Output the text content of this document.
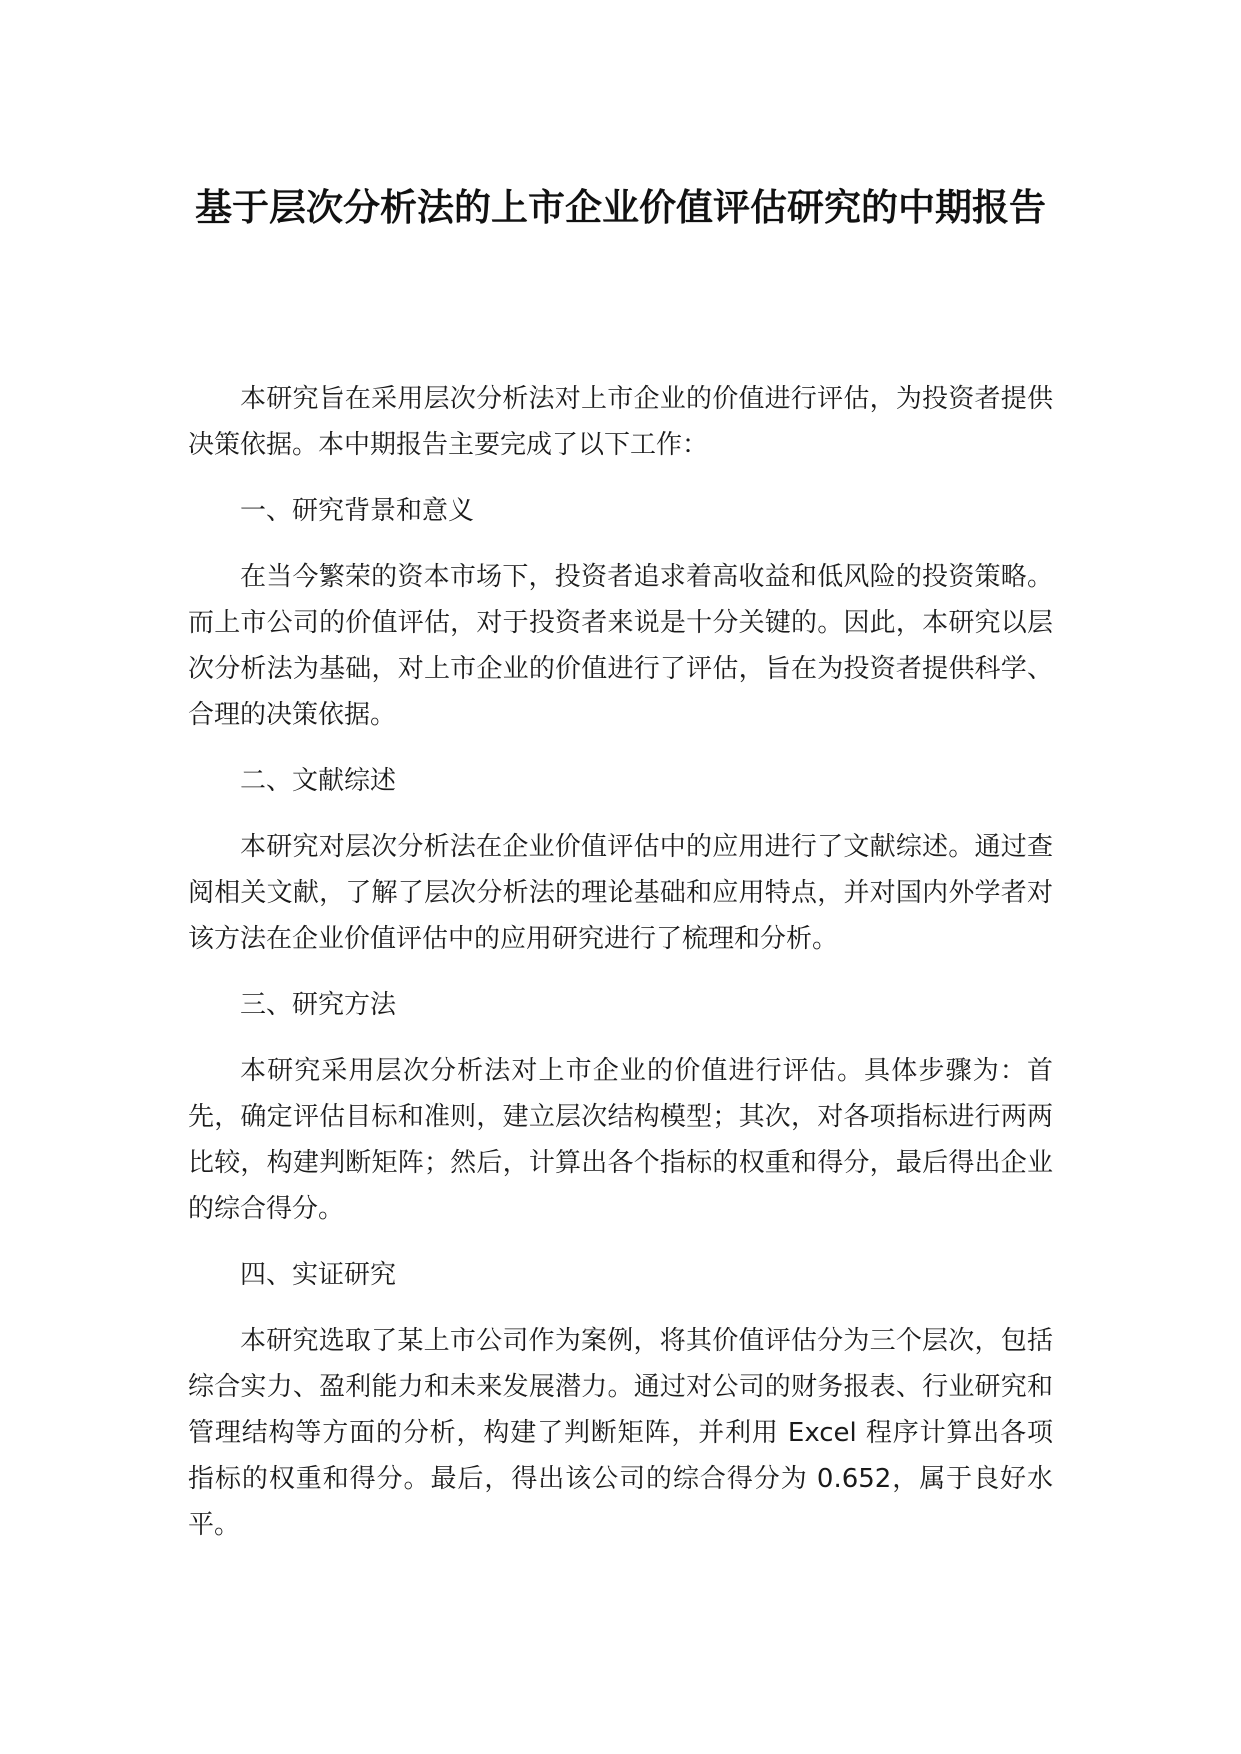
基于层次分析法的上市企业价值评估研究的中期报告

本研究旨在采用层次分析法对上市企业的价值进行评估，为投资者提供决策依据。本中期报告主要完成了以下工作：

一、研究背景和意义

在当今繁荣的资本市场下，投资者追求着高收益和低风险的投资策略。而上市公司的价值评估，对于投资者来说是十分关键的。因此，本研究以层次分析法为基础，对上市企业的价值进行了评估，旨在为投资者提供科学、合理的决策依据。

二、文献综述

本研究对层次分析法在企业价值评估中的应用进行了文献综述。通过查阅相关文献，了解了层次分析法的理论基础和应用特点，并对国内外学者对该方法在企业价值评估中的应用研究进行了梳理和分析。

三、研究方法

本研究采用层次分析法对上市企业的价值进行评估。具体步骤为：首先，确定评估目标和准则，建立层次结构模型；其次，对各项指标进行两两比较，构建判断矩阵；然后，计算出各个指标的权重和得分，最后得出企业的综合得分。

四、实证研究

本研究选取了某上市公司作为案例，将其价值评估分为三个层次，包括综合实力、盈利能力和未来发展潜力。通过对公司的财务报表、行业研究和管理结构等方面的分析，构建了判断矩阵，并利用 Excel 程序计算出各项指标的权重和得分。最后，得出该公司的综合得分为 0.652，属于良好水平。
